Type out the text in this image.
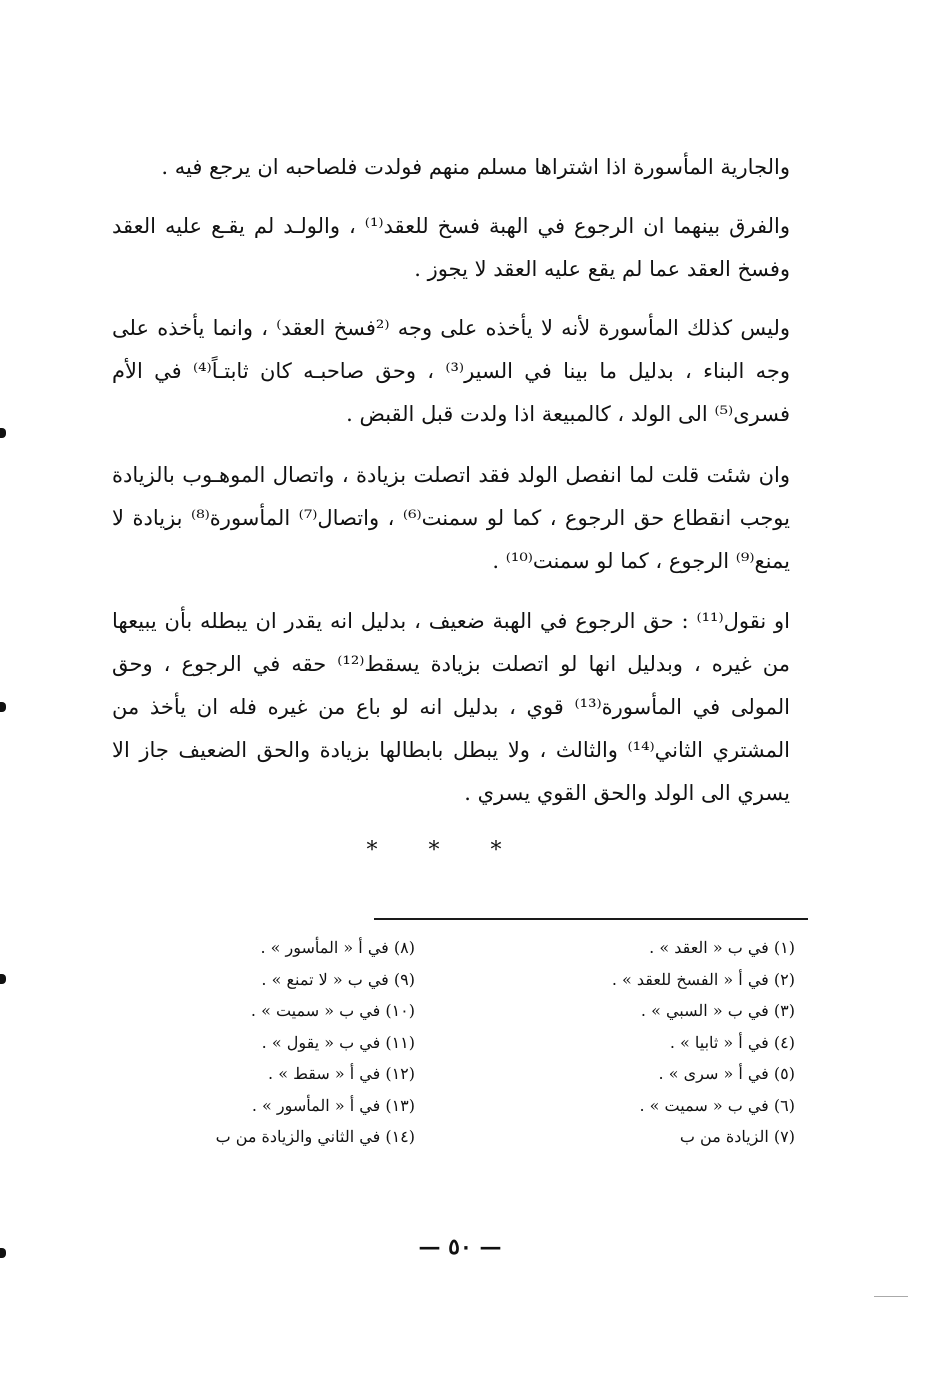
والجارية المأسورة اذا اشتراها مسلم منهم فولدت فلصاحبه ان يرجع فيه .

والفرق بينهما ان الرجوع في الهبة فسخ للعقد⁽¹⁾ ، والولـد لم يقـع عليه العقد وفسخ العقد عما لم يقع عليه العقد لا يجوز .

وليس كذلك المأسورة لأنه لا يأخذه على وجه ⁽²فسخ العقد⁾ ، وانما يأخذه على وجه البناء ، بدليل ما بينا في السير⁽³⁾ ، وحق صاحبـه كان ثابتـاً⁽⁴⁾ في الأم فسرى⁽⁵⁾ الى الولد ، كالمبيعة اذا ولدت قبل القبض .

وان شئت قلت لما انفصل الولد فقد اتصلت بزيادة ، واتصال الموهـوب بالزيادة يوجب انقطاع حق الرجوع ، كما لو سمنت⁽⁶⁾ ، واتصال⁽⁷⁾ المأسورة⁽⁸⁾ بزيادة لا يمنع⁽⁹⁾ الرجوع ، كما لو سمنت⁽¹⁰⁾ .

او نقول⁽¹¹⁾ : حق الرجوع في الهبة ضعيف ، بدليل انه يقدر ان يبطله بأن يبيعها من غيره ، وبدليل انها لو اتصلت بزيادة يسقط⁽¹²⁾ حقه في الرجوع ، وحق المولى في المأسورة⁽¹³⁾ قوي ، بدليل انه لو باع من غيره فله ان يأخذ من المشتري الثاني⁽¹⁴⁾ والثالث ، ولا يبطل بابطالها بزيادة والحق الضعيف جاز الا يسري الى الولد والحق القوي يسري .

* * *
(١) في ب « العقد » .
(٢) في أ « الفسخ للعقد » .
(٣) في ب « السبي » .
(٤) في أ « ثابيا » .
(٥) في أ « سرى » .
(٦) في ب « سميت » .
(٧) الزيادة من ب
(٨) في أ « المأسور » .
(٩) في ب « لا تمنع » .
(١٠) في ب « سميت » .
(١١) في ب « يقول » .
(١٢) في أ « سقط » .
(١٣) في أ « المأسور » .
(١٤) في الثاني والزيادة من ب
— ٥٠ —
